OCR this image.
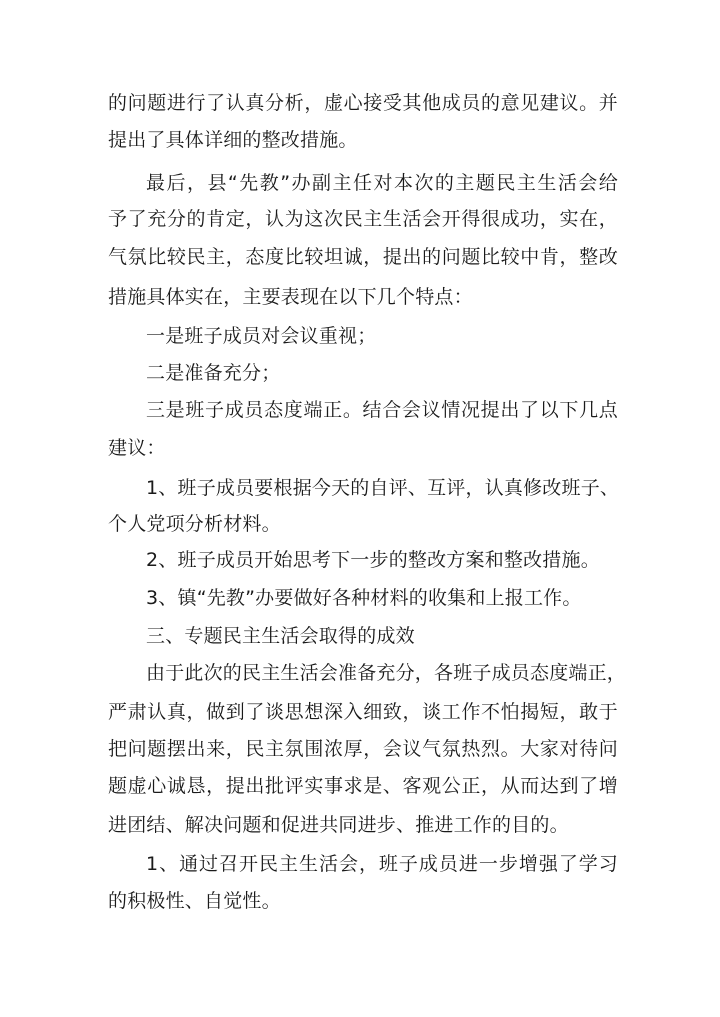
的问题进行了认真分析，虚心接受其他成员的意见建议。并
提出了具体详细的整改措施。
最后，县“先教”办副主任对本次的主题民主生活会给
予了充分的肯定，认为这次民主生活会开得很成功，实在，
气氛比较民主，态度比较坦诚，提出的问题比较中肯，整改
措施具体实在，主要表现在以下几个特点：
一是班子成员对会议重视；
二是准备充分；
三是班子成员态度端正。结合会议情况提出了以下几点
建议：
1、班子成员要根据今天的自评、互评，认真修改班子、
个人党项分析材料。
2、班子成员开始思考下一步的整改方案和整改措施。
3、镇“先教”办要做好各种材料的收集和上报工作。
三、专题民主生活会取得的成效
由于此次的民主生活会准备充分，各班子成员态度端正，
严肃认真，做到了谈思想深入细致，谈工作不怕揭短，敢于
把问题摆出来，民主氛围浓厚，会议气氛热烈。大家对待问
题虚心诚恳，提出批评实事求是、客观公正，从而达到了增
进团结、解决问题和促进共同进步、推进工作的目的。
1、通过召开民主生活会，班子成员进一步增强了学习
的积极性、自觉性。
